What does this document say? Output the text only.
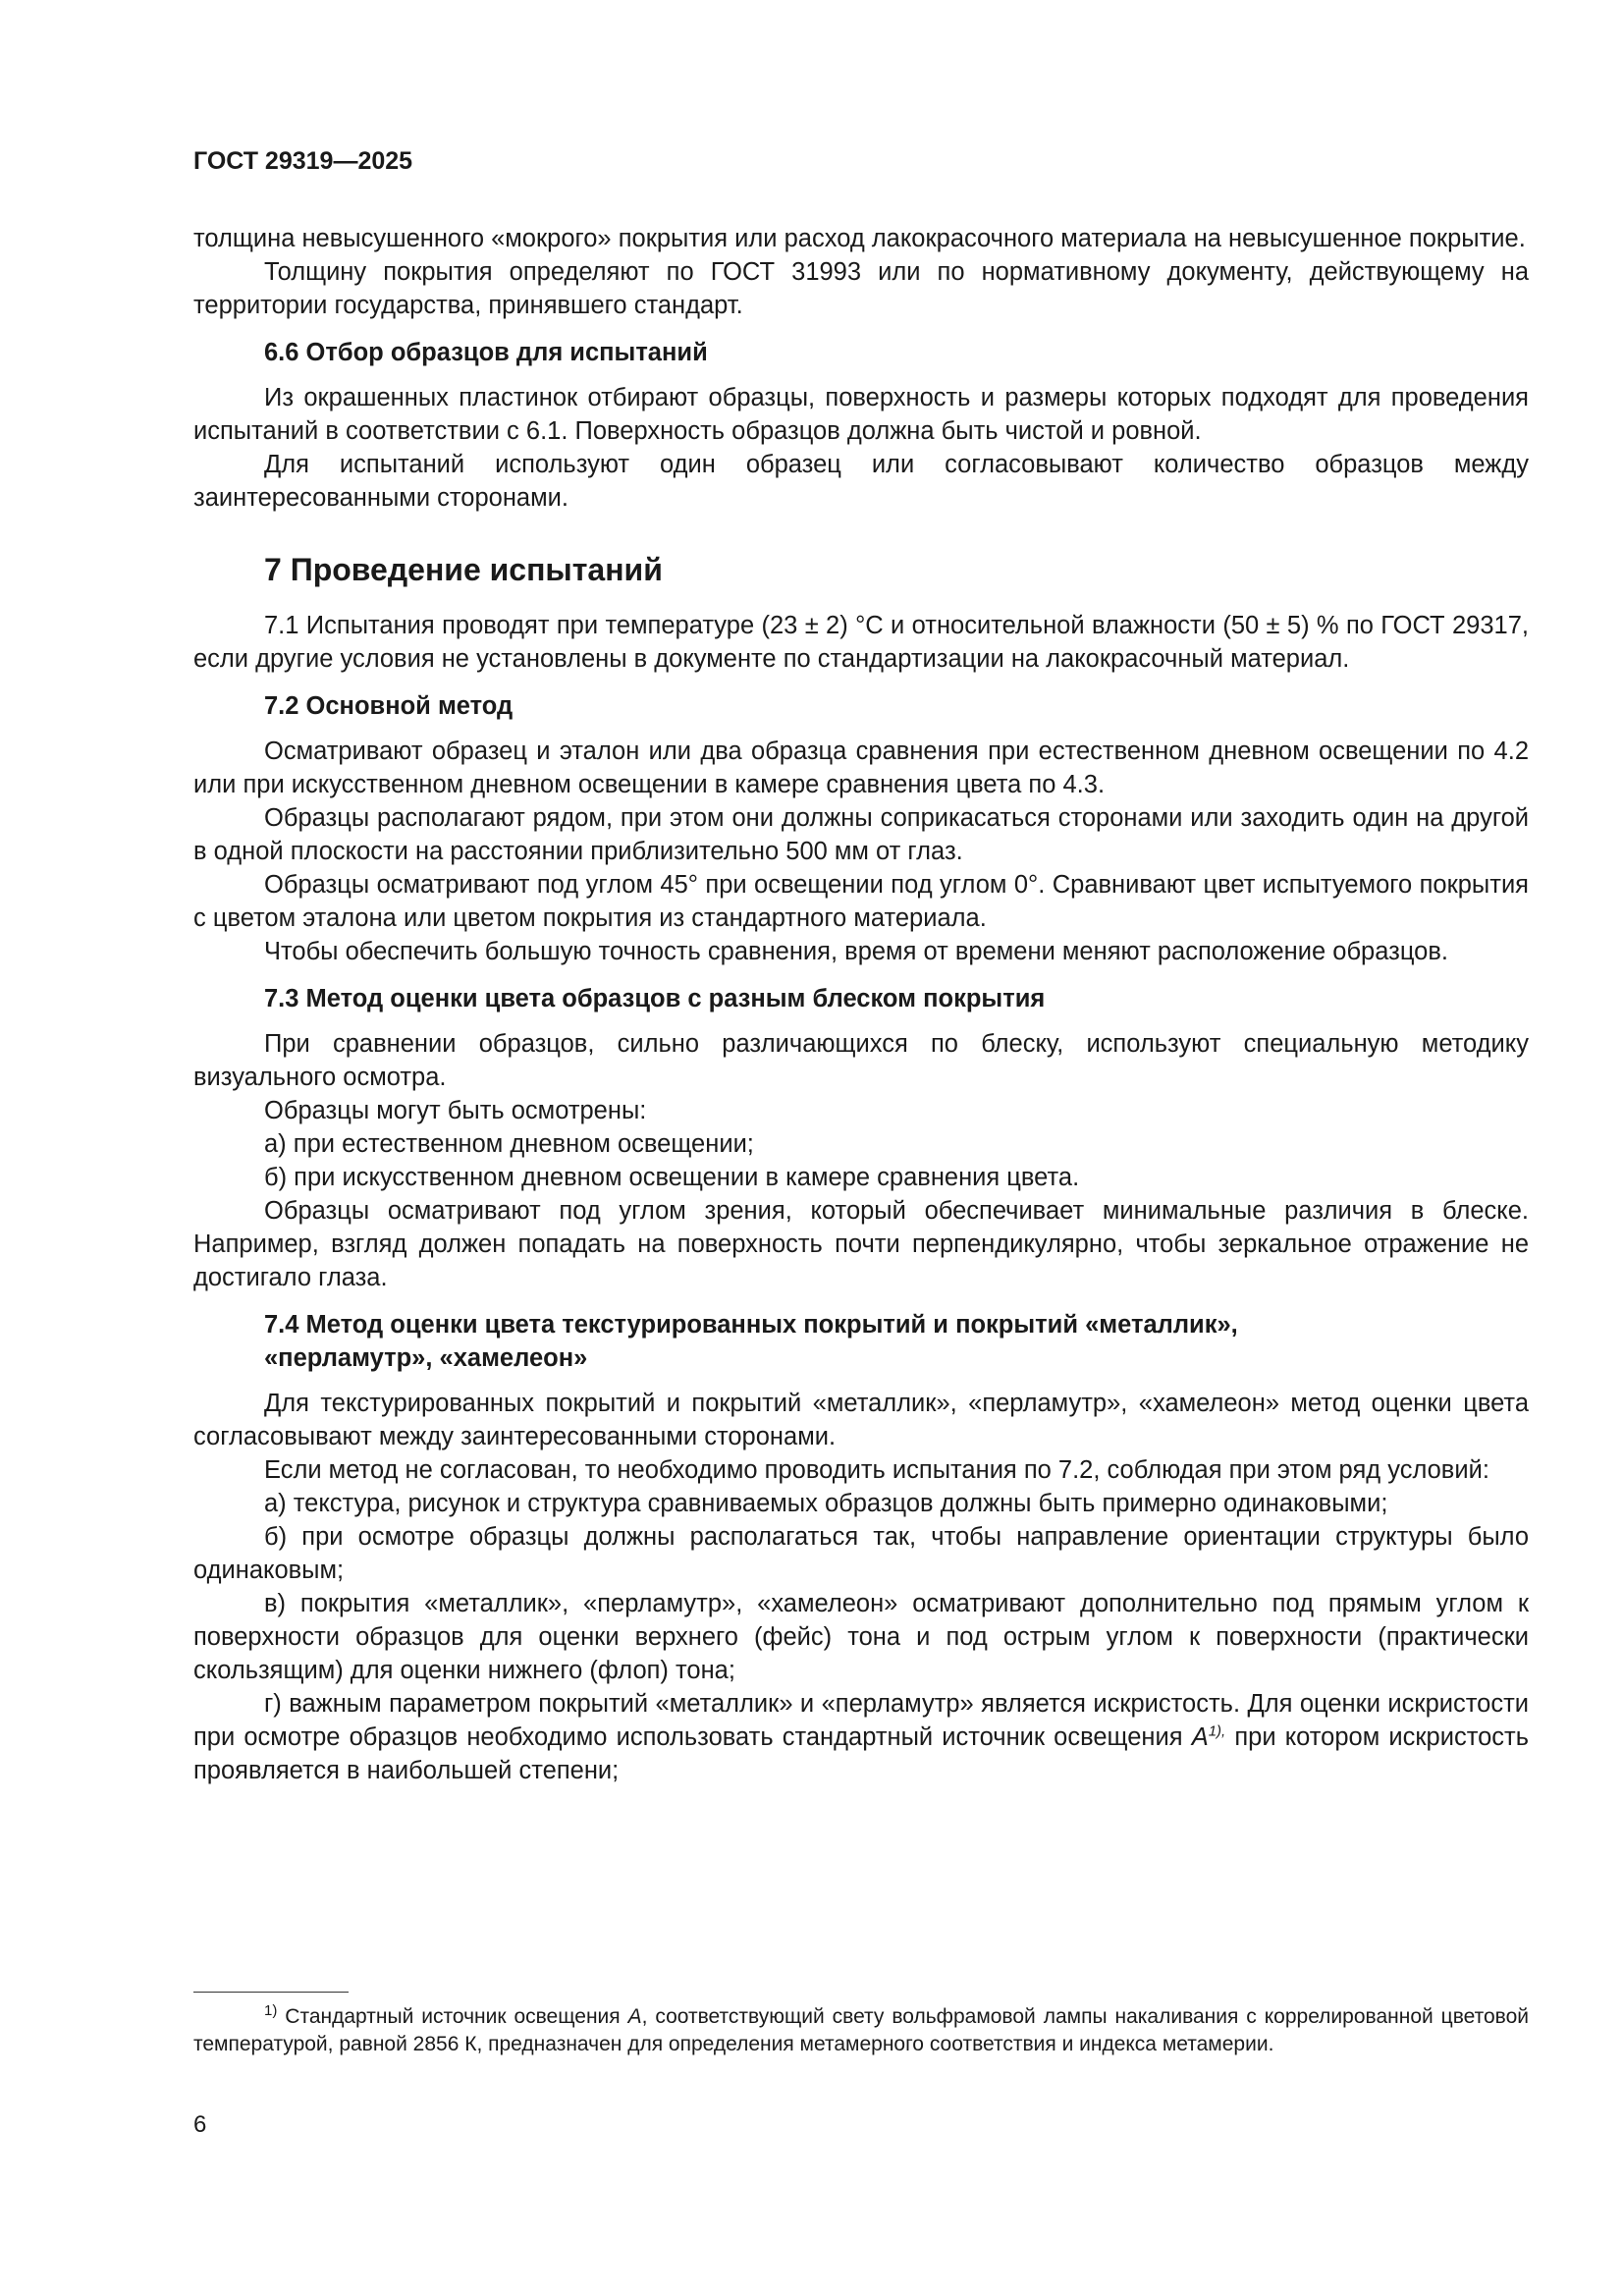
ГОСТ 29319—2025

толщина невысушенного «мокрого» покрытия или расход лакокрасочного материала на невысушенное покрытие.

Толщину покрытия определяют по ГОСТ 31993 или по нормативному документу, действующему на территории государства, принявшего стандарт.

6.6 Отбор образцов для испытаний

Из окрашенных пластинок отбирают образцы, поверхность и размеры которых подходят для проведения испытаний в соответствии с 6.1. Поверхность образцов должна быть чистой и ровной.

Для испытаний используют один образец или согласовывают количество образцов между заинтересованными сторонами.

7 Проведение испытаний

7.1 Испытания проводят при температуре (23 ± 2) °С и относительной влажности (50 ± 5) % по ГОСТ 29317, если другие условия не установлены в документе по стандартизации на лакокрасочный материал.

7.2 Основной метод

Осматривают образец и эталон или два образца сравнения при естественном дневном освещении по 4.2 или при искусственном дневном освещении в камере сравнения цвета по 4.3.

Образцы располагают рядом, при этом они должны соприкасаться сторонами или заходить один на другой в одной плоскости на расстоянии приблизительно 500 мм от глаз.

Образцы осматривают под углом 45° при освещении под углом 0°. Сравнивают цвет испытуемого покрытия с цветом эталона или цветом покрытия из стандартного материала.

Чтобы обеспечить большую точность сравнения, время от времени меняют расположение образцов.

7.3 Метод оценки цвета образцов с разным блеском покрытия

При сравнении образцов, сильно различающихся по блеску, используют специальную методику визуального осмотра.

Образцы могут быть осмотрены:

а) при естественном дневном освещении;

б) при искусственном дневном освещении в камере сравнения цвета.

Образцы осматривают под углом зрения, который обеспечивает минимальные различия в блеске. Например, взгляд должен попадать на поверхность почти перпендикулярно, чтобы зеркальное отражение не достигало глаза.

7.4 Метод оценки цвета текстурированных покрытий и покрытий «металлик»,
«перламутр», «хамелеон»

Для текстурированных покрытий и покрытий «металлик», «перламутр», «хамелеон» метод оценки цвета согласовывают между заинтересованными сторонами.

Если метод не согласован, то необходимо проводить испытания по 7.2, соблюдая при этом ряд условий:

а) текстура, рисунок и структура сравниваемых образцов должны быть примерно одинаковыми;

б) при осмотре образцы должны располагаться так, чтобы направление ориентации структуры было одинаковым;

в) покрытия «металлик», «перламутр», «хамелеон» осматривают дополнительно под прямым углом к поверхности образцов для оценки верхнего (фейс) тона и под острым углом к поверхности (практически скользящим) для оценки нижнего (флоп) тона;

г) важным параметром покрытий «металлик» и «перламутр» является искристость. Для оценки искристости при осмотре образцов необходимо использовать стандартный источник освещения $А^{1),}$ при котором искристость проявляется в наибольшей степени;

$^{1)}$ Стандартный источник освещения А, соответствующий свету вольфрамовой лампы накаливания с коррелированной цветовой температурой, равной 2856 К, предназначен для определения метамерного соответствия и индекса метамерии.

6
